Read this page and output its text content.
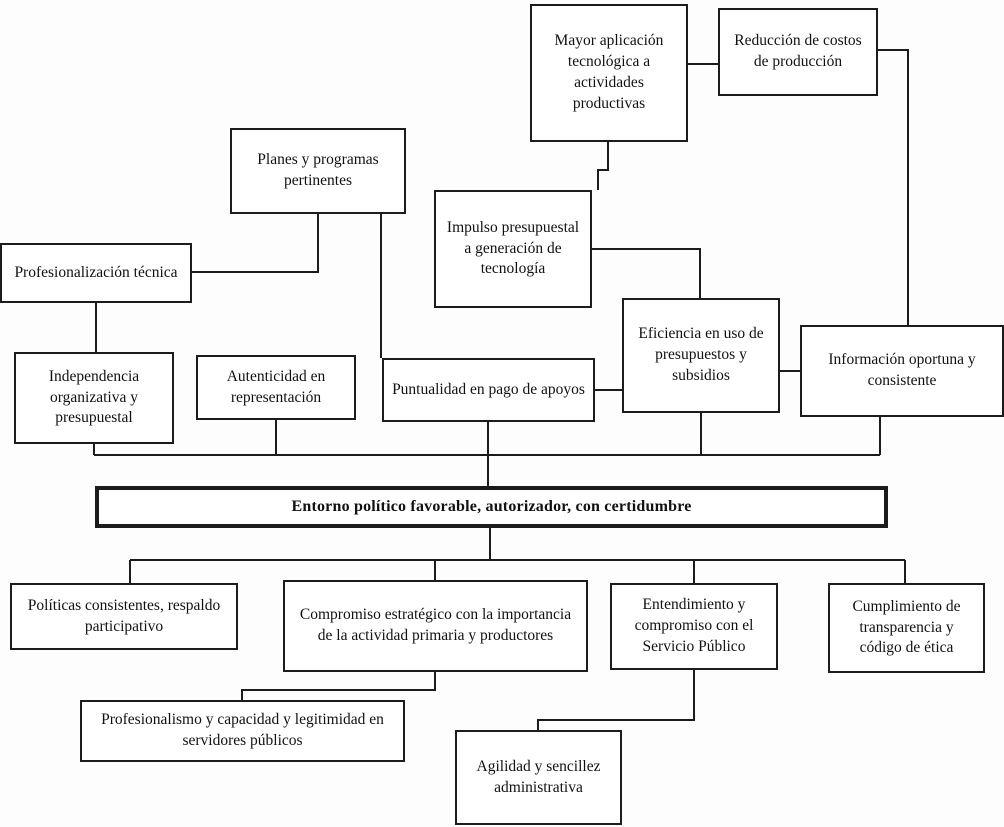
Mayor aplicación tecnológica a actividades productivas
Reducción de costos de producción
Planes y programas pertinentes
Impulso presupuestal a generación de tecnología
Profesionalización técnica
Eficiencia en uso de presupuestos y subsidios
Información oportuna y consistente
Independencia organizativa y presupuestal
Autenticidad en representación	Puntualidad en pago de apoyos
Entorno político favorable, autorizador, con certidumbre
Políticas consistentes, respaldo participativo
Compromiso estratégico con la importancia de la actividad primaria y productores
Entendimiento y compromiso con el Servicio Público
Cumplimiento de transparencia y código de ética
Profesionalismo y capacidad y legitimidad en servidores públicos
Agilidad y sencillez administrativa
